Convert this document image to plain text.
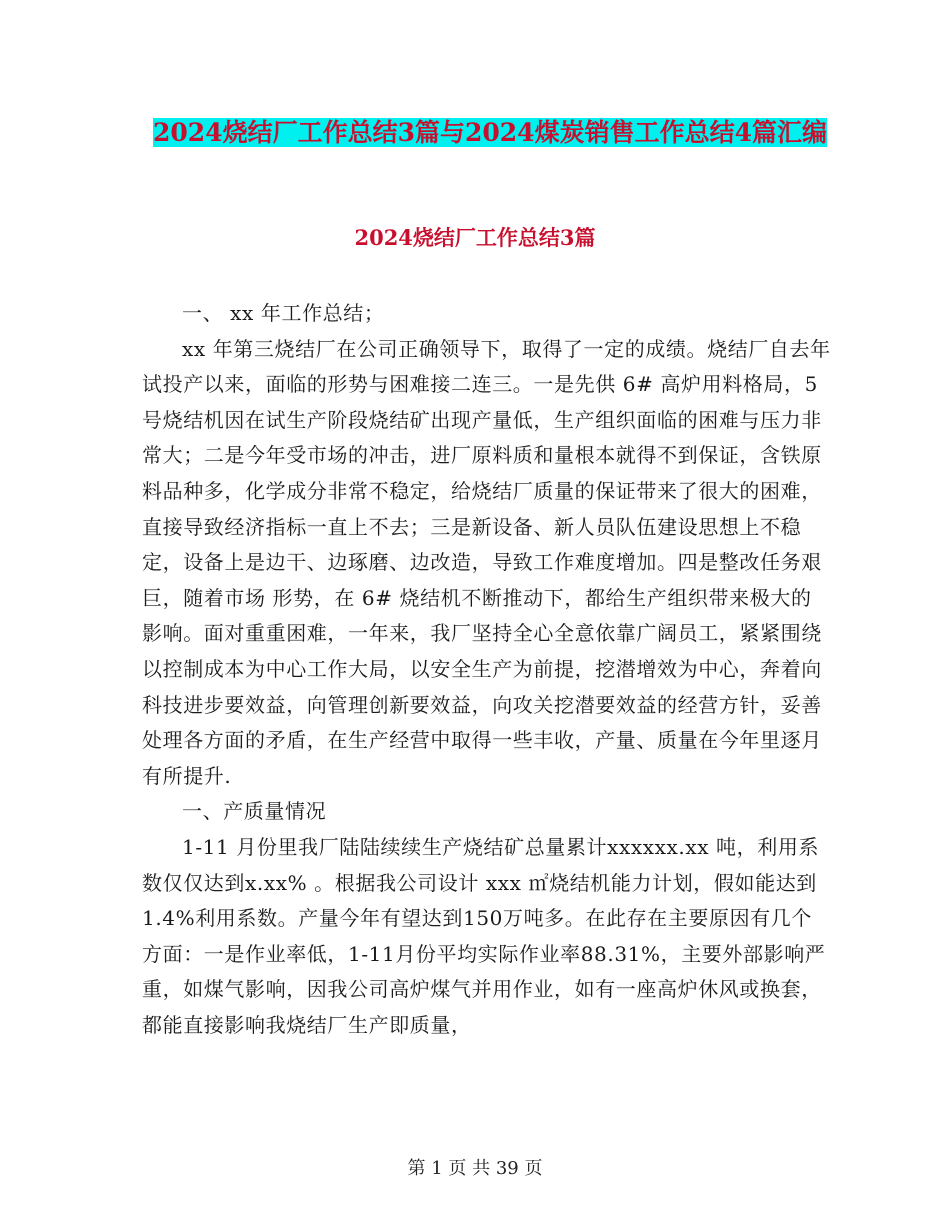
2024烧结厂工作总结3篇与2024煤炭销售工作总结4篇汇编
2024烧结厂工作总结3篇

一、 xx 年工作总结；

xx 年第三烧结厂在公司正确领导下，取得了一定的成绩。烧结厂自去年试投产以来，面临的形势与困难接二连三。一是先供 6# 高炉用料格局，5号烧结机因在试生产阶段烧结矿出现产量低，生产组织面临的困难与压力非常大；二是今年受市场的冲击，进厂原料质和量根本就得不到保证，含铁原料品种多，化学成分非常不稳定，给烧结厂质量的保证带来了很大的困难，直接导致经济指标一直上不去；三是新设备、新人员队伍建设思想上不稳定，设备上是边干、边琢磨、边改造，导致工作难度增加。四是整改任务艰巨，随着市场 形势，在 6# 烧结机不断推动下，都给生产组织带来极大的影响。面对重重困难，一年来，我厂坚持全心全意依靠广阔员工，紧紧围绕以控制成本为中心工作大局，以安全生产为前提，挖潜增效为中心，奔着向科技进步要效益，向管理创新要效益，向攻关挖潜要效益的经营方针，妥善处理各方面的矛盾，在生产经营中取得一些丰收，产量、质量在今年里逐月有所提升.

一、产质量情况

1-11 月份里我厂陆陆续续生产烧结矿总量累计xxxxxx.xx 吨，利用系数仅仅达到x.xx% 。根据我公司设计 xxx ㎡烧结机能力计划，假如能达到1.4%利用系数。产量今年有望达到150万吨多。在此存在主要原因有几个方面：一是作业率低，1-11月份平均实际作业率88.31%，主要外部影响严重，如煤气影响，因我公司高炉煤气并用作业，如有一座高炉休风或换套，都能直接影响我烧结厂生产即质量，

第 1 页 共 39 页
